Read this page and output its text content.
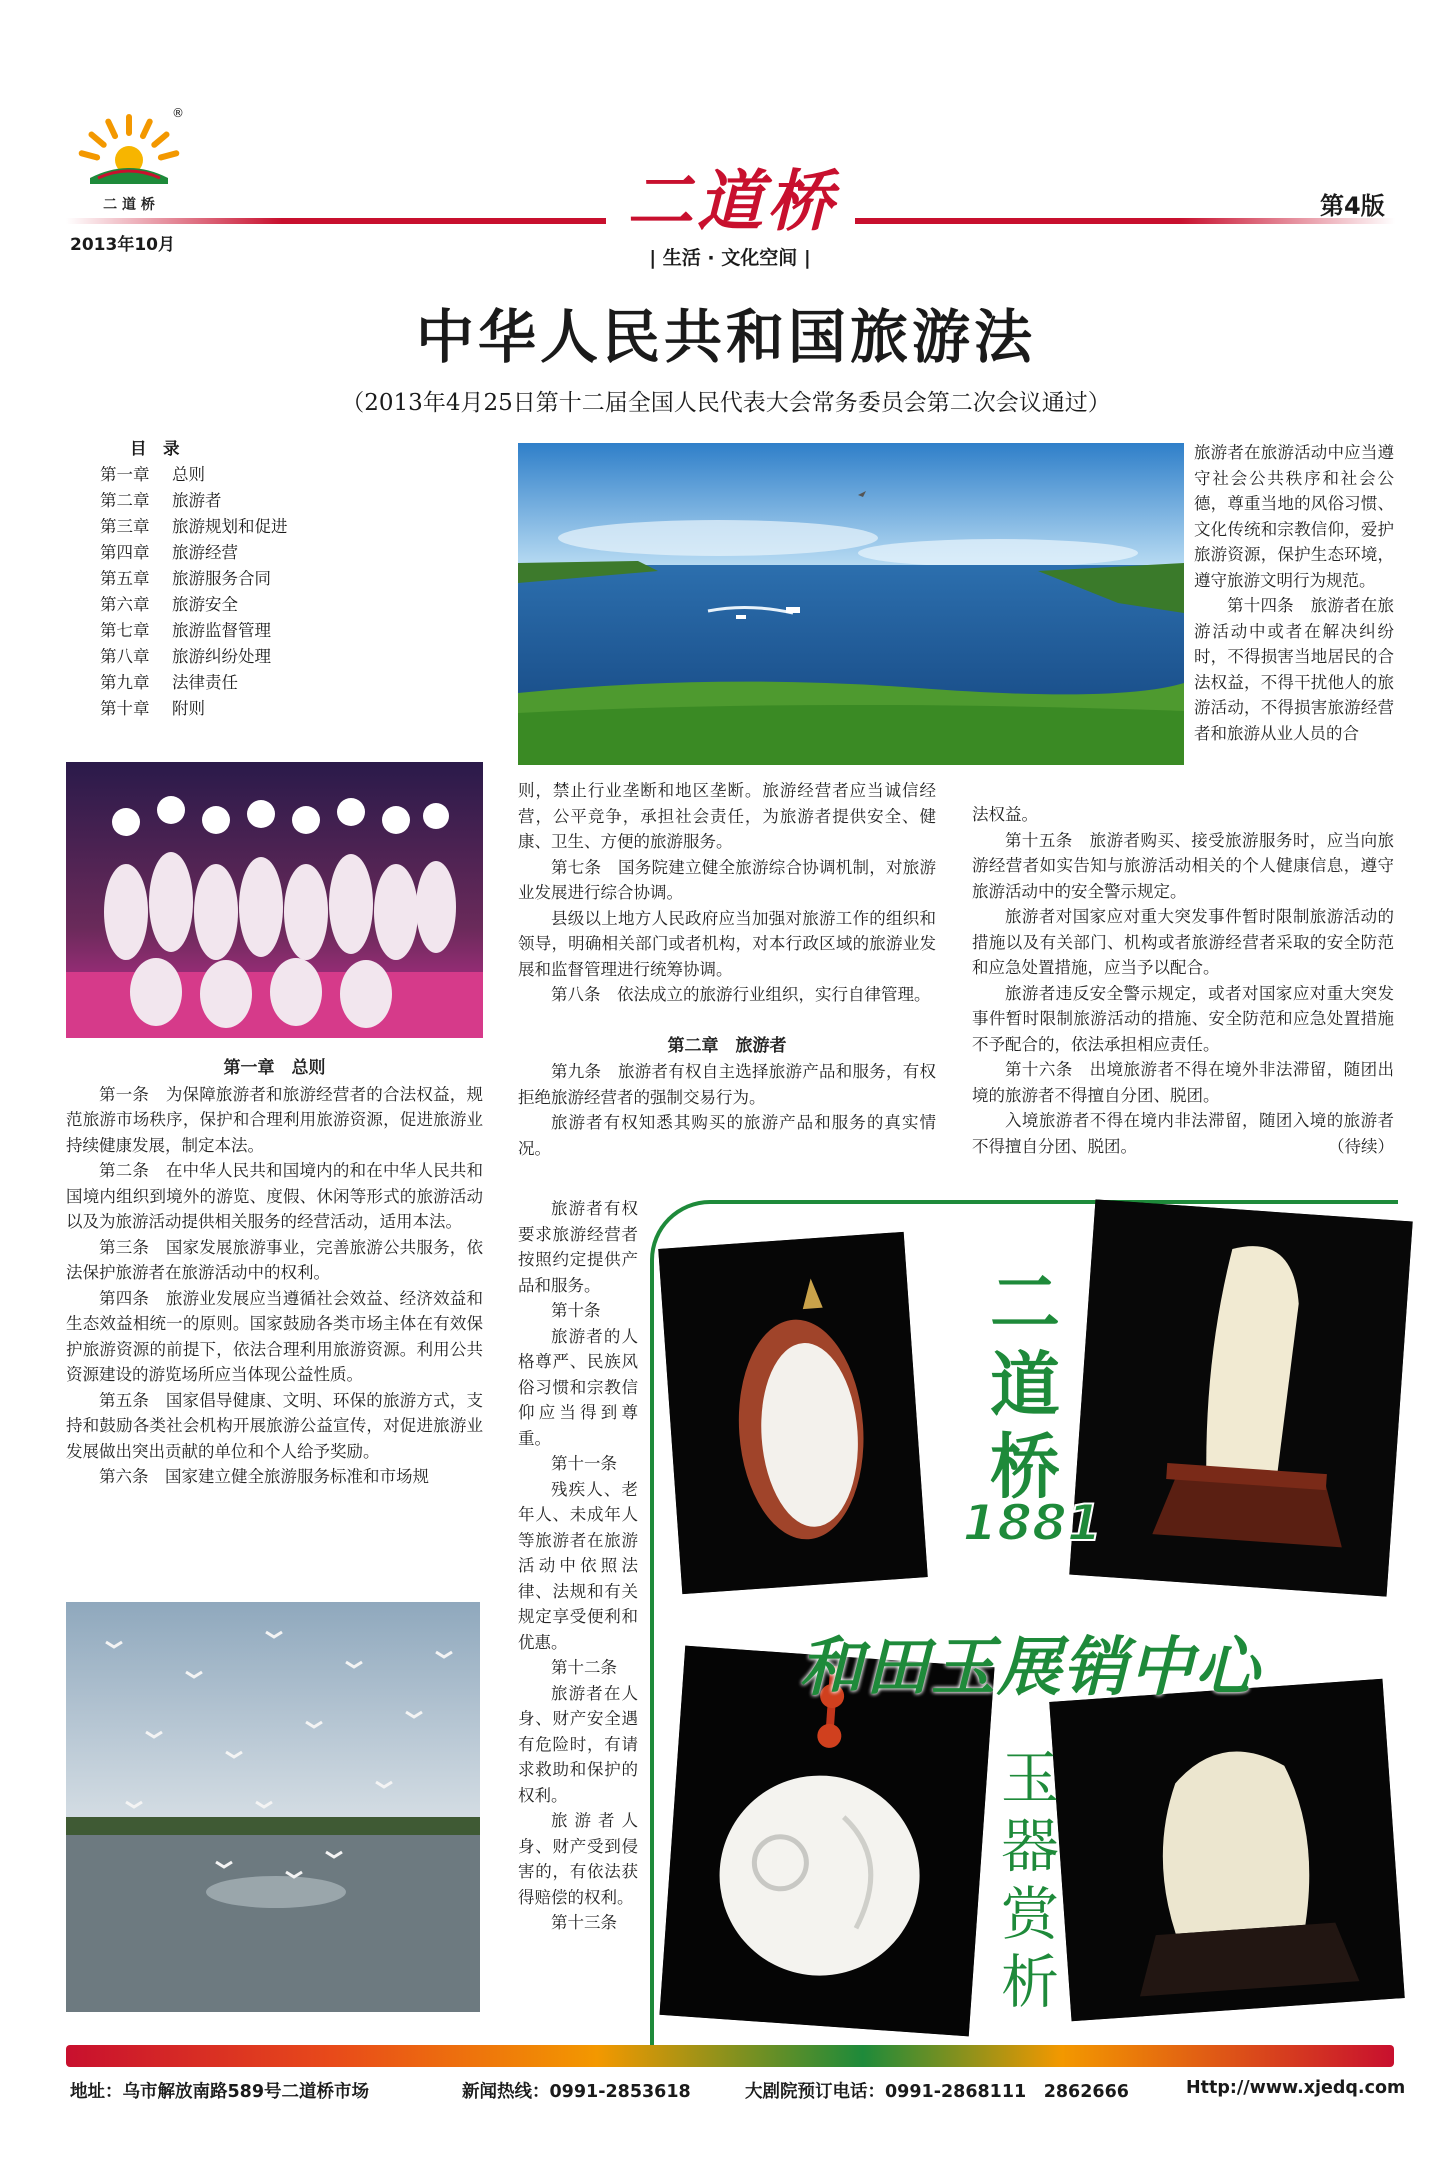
二 道 桥
®
2013年10月
二道桥	第4版
| 生活 · 文化空间 |
中华人民共和国旅游法
（2013年4月25日第十二届全国人民代表大会常务委员会第二次会议通过）
目　录
第一章 总则
第二章 旅游者
第三章 旅游规划和促进
第四章 旅游经营
第五章 旅游服务合同
第六章 旅游安全
第七章 旅游监督管理
第八章 旅游纠纷处理
第九章 法律责任
第十章 附则

第一章　总则

第一条　为保障旅游者和旅游经营者的合法权益，规范旅游市场秩序，保护和合理利用旅游资源，促进旅游业持续健康发展，制定本法。

第二条　在中华人民共和国境内的和在中华人民共和国境内组织到境外的游览、度假、休闲等形式的旅游活动以及为旅游活动提供相关服务的经营活动，适用本法。

第三条　国家发展旅游事业，完善旅游公共服务，依法保护旅游者在旅游活动中的权利。

第四条　旅游业发展应当遵循社会效益、经济效益和生态效益相统一的原则。国家鼓励各类市场主体在有效保护旅游资源的前提下，依法合理利用旅游资源。利用公共资源建设的游览场所应当体现公益性质。

第五条　国家倡导健康、文明、环保的旅游方式，支持和鼓励各类社会机构开展旅游公益宣传，对促进旅游业发展做出突出贡献的单位和个人给予奖励。

第六条　国家建立健全旅游服务标准和市场规

则，禁止行业垄断和地区垄断。旅游经营者应当诚信经营，公平竞争，承担社会责任，为旅游者提供安全、健康、卫生、方便的旅游服务。

第七条　国务院建立健全旅游综合协调机制，对旅游业发展进行综合协调。

县级以上地方人民政府应当加强对旅游工作的组织和领导，明确相关部门或者机构，对本行政区域的旅游业发展和监督管理进行统筹协调。

第八条　依法成立的旅游行业组织，实行自律管理。

第二章　旅游者

第九条　旅游者有权自主选择旅游产品和服务，有权拒绝旅游经营者的强制交易行为。

旅游者有权知悉其购买的旅游产品和服务的真实情况。

旅游者有权要求旅游经营者按照约定提供产品和服务。

第十条

旅游者的人格尊严、民族风俗习惯和宗教信仰应当得到尊重。

第十一条

残疾人、老年人、未成年人等旅游者在旅游活动中依照法律、法规和有关规定享受便利和优惠。

第十二条

旅游者在人身、财产安全遇有危险时，有请求救助和保护的权利。

旅游者人身、财产受到侵害的，有依法获得赔偿的权利。

第十三条

旅游者在旅游活动中应当遵守社会公共秩序和社会公德，尊重当地的风俗习惯、文化传统和宗教信仰，爱护旅游资源，保护生态环境，遵守旅游文明行为规范。

第十四条　旅游者在旅游活动中或者在解决纠纷时，不得损害当地居民的合法权益，不得干扰他人的旅游活动，不得损害旅游经营者和旅游从业人员的合

法权益。

第十五条　旅游者购买、接受旅游服务时，应当向旅游经营者如实告知与旅游活动相关的个人健康信息，遵守旅游活动中的安全警示规定。

旅游者对国家应对重大突发事件暂时限制旅游活动的措施以及有关部门、机构或者旅游经营者采取的安全防范和应急处置措施，应当予以配合。

旅游者违反安全警示规定，或者对国家应对重大突发事件暂时限制旅游活动的措施、安全防范和应急处置措施不予配合的，依法承担相应责任。

第十六条　出境旅游者不得在境外非法滞留，随团出境的旅游者不得擅自分团、脱团。

入境旅游者不得在境内非法滞留，随团入境的旅游者不得擅自分团、脱团。	（待续）
二
道
桥
1881
和田玉展销中心
玉
器
赏
析
地址：乌市解放南路589号二道桥市场	新闻热线：0991-2853618	大剧院预订电话：0991-2868111　2862666	Http://www.xjedq.com
